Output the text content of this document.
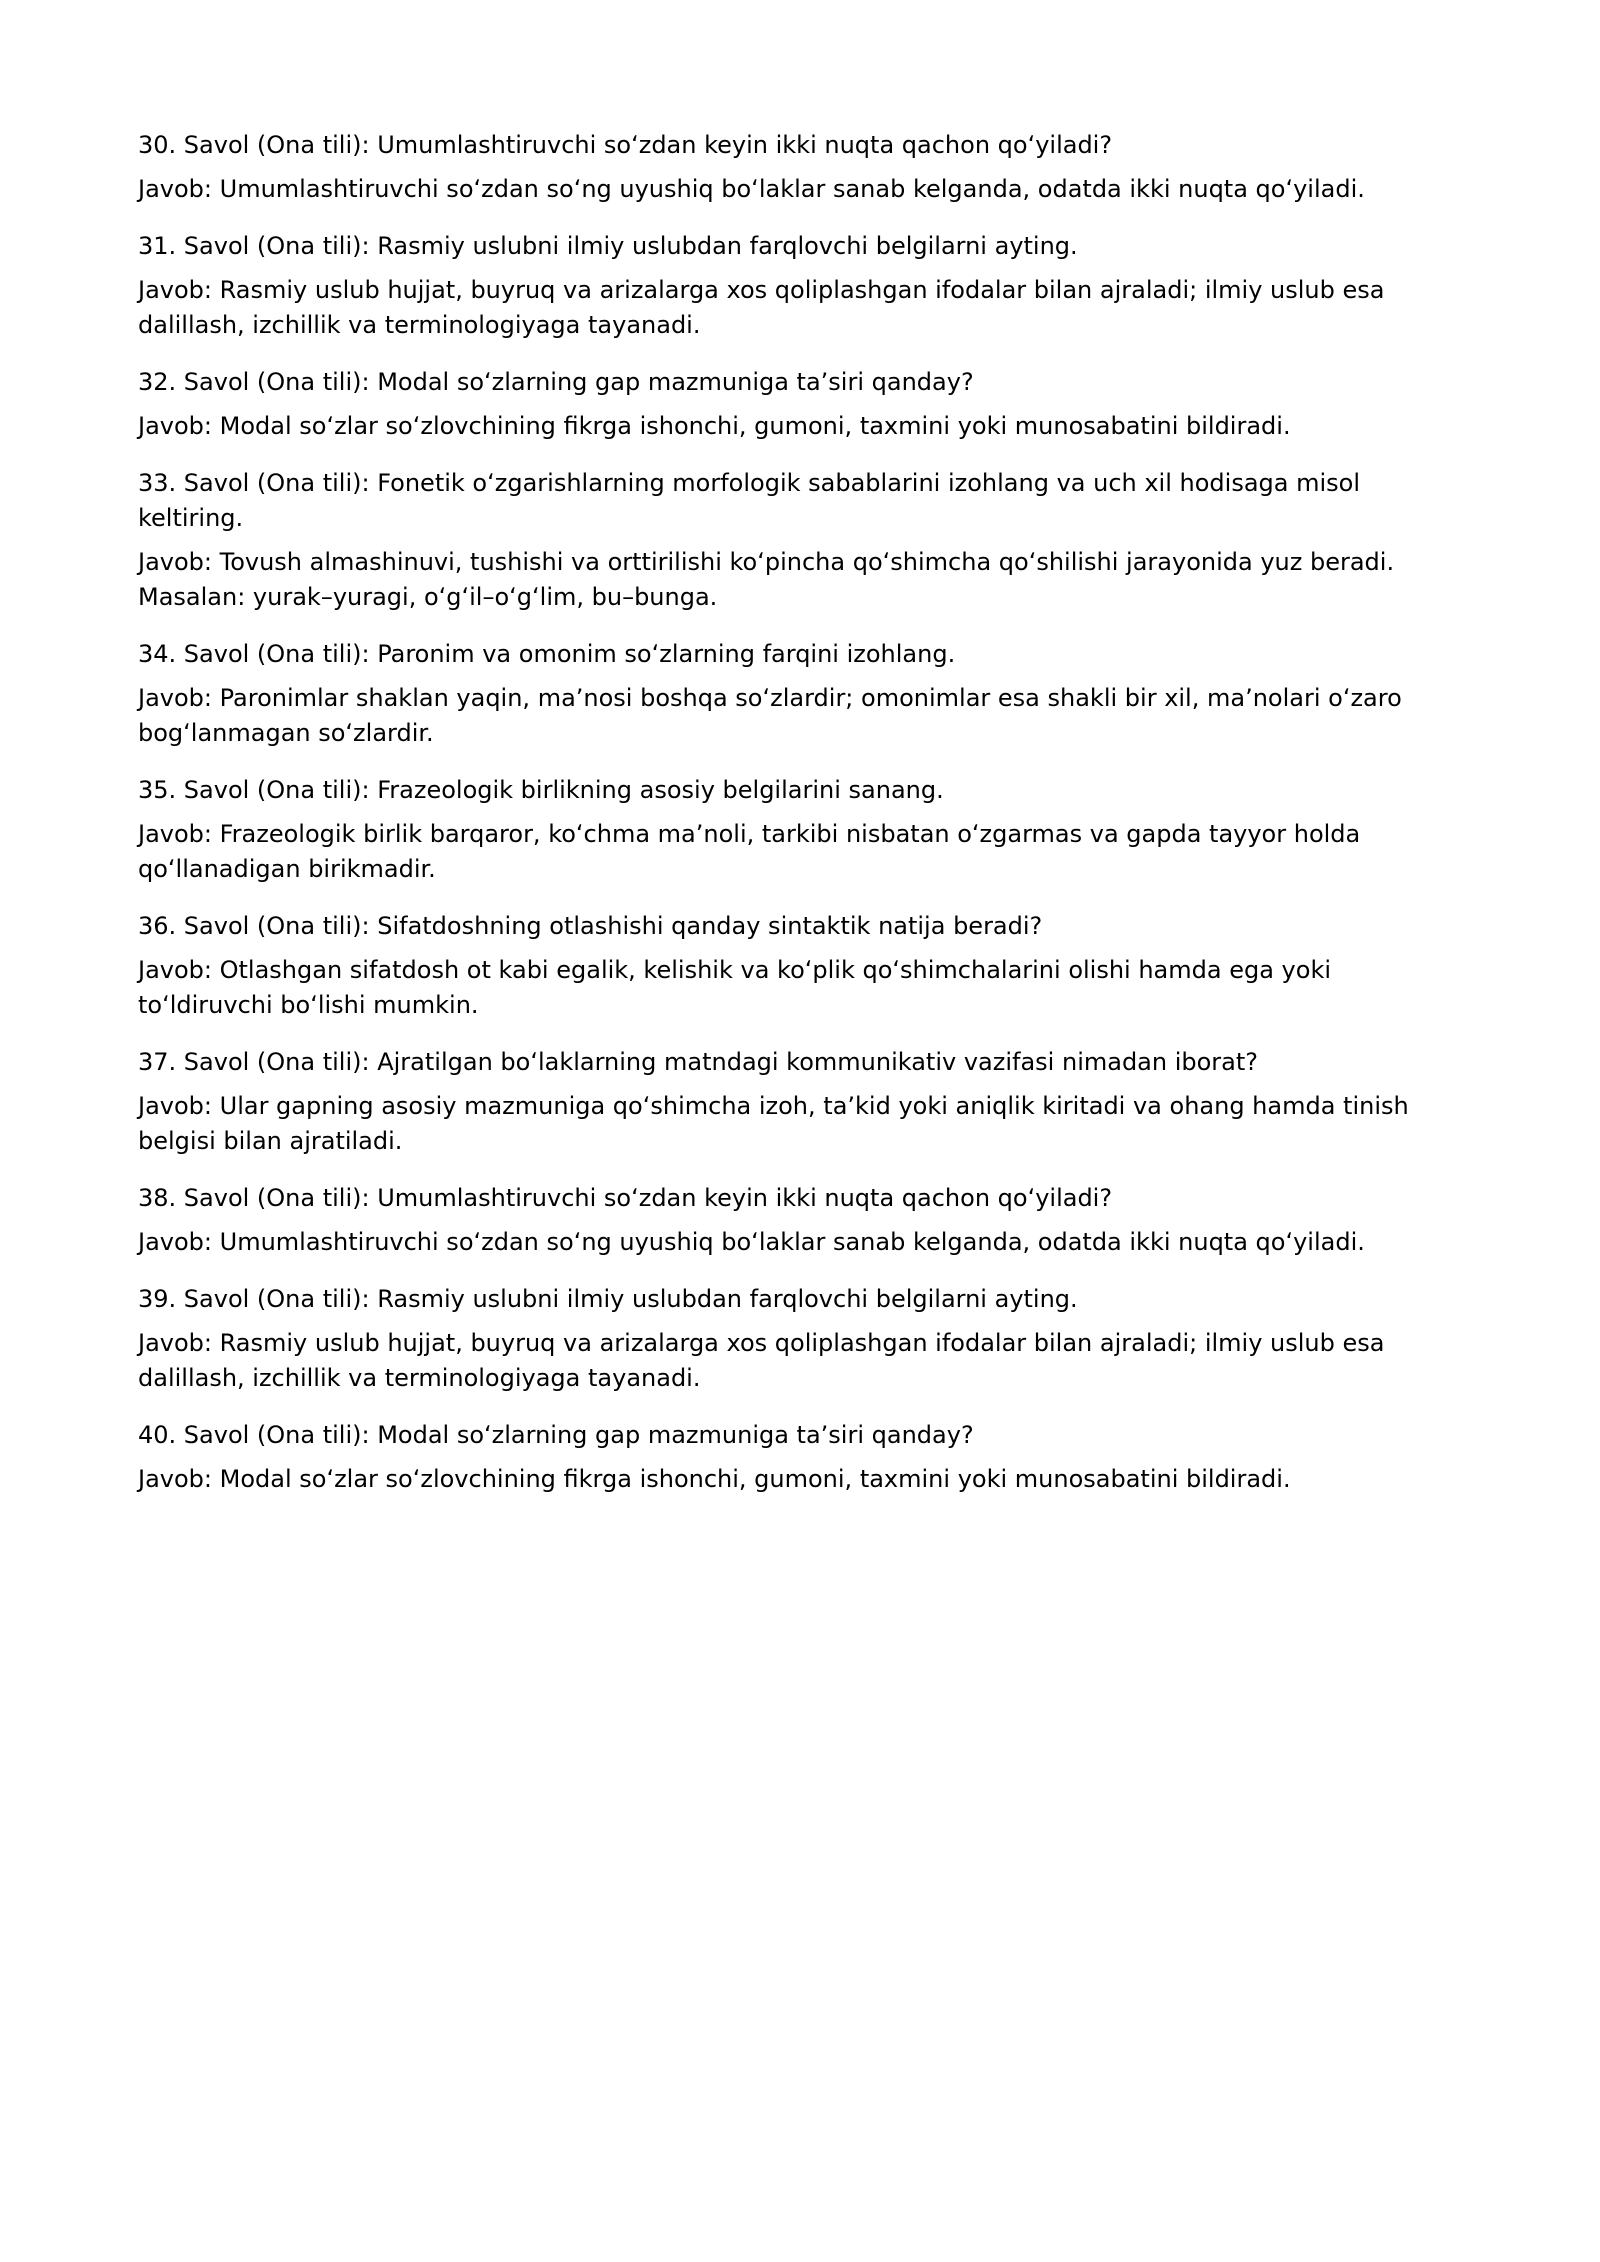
30. Savol (Ona tili): Umumlashtiruvchi soʻzdan keyin ikki nuqta qachon qoʻyiladi?

Javob: Umumlashtiruvchi soʻzdan soʻng uyushiq boʻlaklar sanab kelganda, odatda ikki nuqta qoʻyiladi.

31. Savol (Ona tili): Rasmiy uslubni ilmiy uslubdan farqlovchi belgilarni ayting.

Javob: Rasmiy uslub hujjat, buyruq va arizalarga xos qoliplashgan ifodalar bilan ajraladi; ilmiy uslub esa dalillash, izchillik va terminologiyaga tayanadi.

32. Savol (Ona tili): Modal soʻzlarning gap mazmuniga taʼsiri qanday?

Javob: Modal soʻzlar soʻzlovchining fikrga ishonchi, gumoni, taxmini yoki munosabatini bildiradi.

33. Savol (Ona tili): Fonetik oʻzgarishlarning morfologik sabablarini izohlang va uch xil hodisaga misol keltiring.

Javob: Tovush almashinuvi, tushishi va orttirilishi koʻpincha qoʻshimcha qoʻshilishi jarayonida yuz beradi. Masalan: yurak–yuragi, oʻgʻil–oʻgʻlim, bu–bunga.

34. Savol (Ona tili): Paronim va omonim soʻzlarning farqini izohlang.

Javob: Paronimlar shaklan yaqin, maʼnosi boshqa soʻzlardir; omonimlar esa shakli bir xil, maʼnolari oʻzaro bogʻlanmagan soʻzlardir.

35. Savol (Ona tili): Frazeologik birlikning asosiy belgilarini sanang.

Javob: Frazeologik birlik barqaror, koʻchma maʼnoli, tarkibi nisbatan oʻzgarmas va gapda tayyor holda qoʻllanadigan birikmadir.

36. Savol (Ona tili): Sifatdoshning otlashishi qanday sintaktik natija beradi?

Javob: Otlashgan sifatdosh ot kabi egalik, kelishik va koʻplik qoʻshimchalarini olishi hamda ega yoki toʻldiruvchi boʻlishi mumkin.

37. Savol (Ona tili): Ajratilgan boʻlaklarning matndagi kommunikativ vazifasi nimadan iborat?

Javob: Ular gapning asosiy mazmuniga qoʻshimcha izoh, taʼkid yoki aniqlik kiritadi va ohang hamda tinish belgisi bilan ajratiladi.

38. Savol (Ona tili): Umumlashtiruvchi soʻzdan keyin ikki nuqta qachon qoʻyiladi?

Javob: Umumlashtiruvchi soʻzdan soʻng uyushiq boʻlaklar sanab kelganda, odatda ikki nuqta qoʻyiladi.

39. Savol (Ona tili): Rasmiy uslubni ilmiy uslubdan farqlovchi belgilarni ayting.

Javob: Rasmiy uslub hujjat, buyruq va arizalarga xos qoliplashgan ifodalar bilan ajraladi; ilmiy uslub esa dalillash, izchillik va terminologiyaga tayanadi.

40. Savol (Ona tili): Modal soʻzlarning gap mazmuniga taʼsiri qanday?

Javob: Modal soʻzlar soʻzlovchining fikrga ishonchi, gumoni, taxmini yoki munosabatini bildiradi.
